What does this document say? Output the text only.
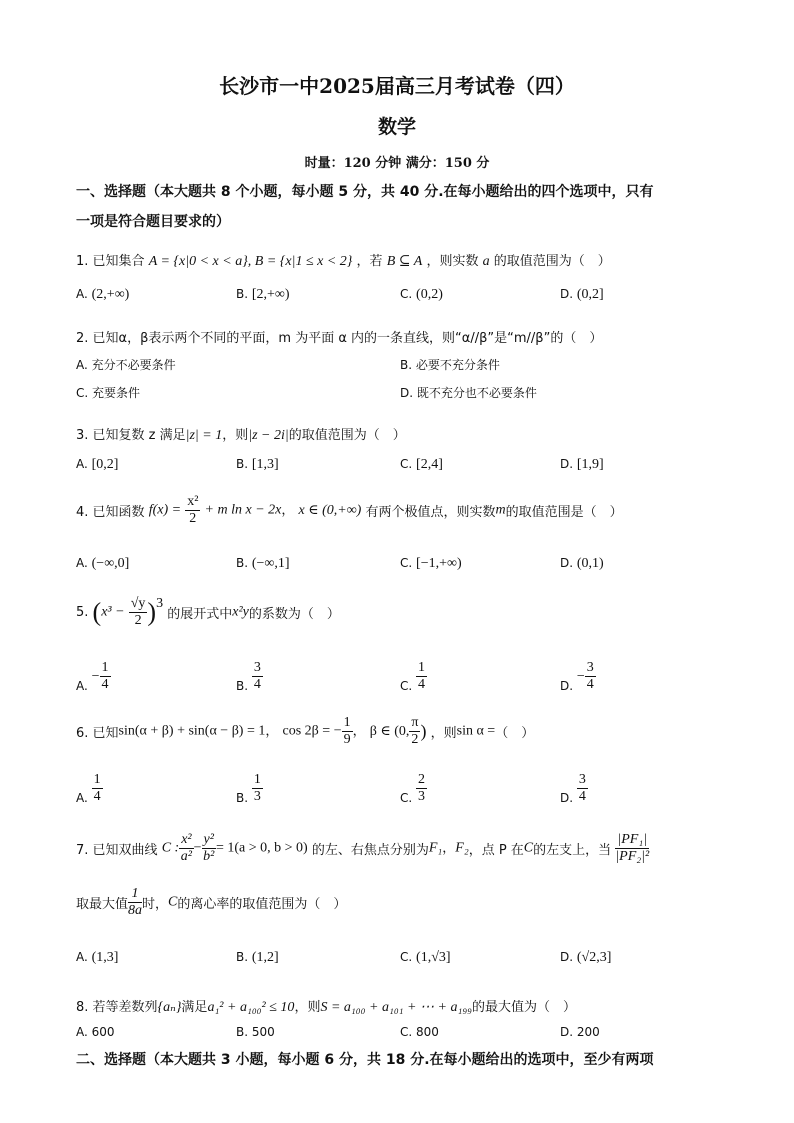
长沙市一中2025届高三月考试卷（四）
数学
时量：120 分钟 满分：150 分
一、选择题（本大题共 8 个小题，每小题 5 分，共 40 分.在每小题给出的四个选项中，只有
一项是符合题目要求的）
1. 已知集合 A = {x|0 < x < a}, B = {x|1 ≤ x < 2} ，若 B ⊆ A ，则实数 a 的取值范围为（　）
A. (2,+∞)	B. [2,+∞)	C. (0,2)	D. (0,2]
2. 已知α，β表示两个不同的平面，m 为平面 α 内的一条直线，则“α//β”是“m//β”的（　）
A. 充分不必要条件	B. 必要不充分条件
C. 充要条件	D. 既不充分也不必要条件
3. 已知复数 z 满足|z| = 1，则|z − 2i|的取值范围为（　）
A. [0,2]	B. [1,3]	C. [2,4]	D. [1,9]
4. 已知函数 $f(x) = \frac{\text{x²}}{2} + m$ ln x − 2x， x ∈ (0,+∞) 有两个极值点，则实数m的取值范围是（　）
A. (−∞,0]	B. (−∞,1]	C. [−1,+∞)	D. (0,1)
5. $(x^3 - \frac{√y}{2} )^3$ 的展开式中x²y的系数为（　）
A. − $\frac{1}{4}$	B. $\frac{3}{4}$	C. $\frac{1}{4}$	D. − $\frac{3}{4}$
6. 已知sin(α + β) + sin(α − β) = 1， cos 2β = − $\frac{1}{9}$ ， β ∈ (0, $\frac{\pi}{2}$ ) ，则sin α =（　）
A. $\frac{1}{4}$	B. $\frac{1}{3}$	C. $\frac{2}{3}$	D. $\frac{3}{4}$
7. 已知双曲线 C : $\frac{\text{x²}}{\text{a²}} - \frac{\text{y²}}{\text{b²}} = 1(a > 0$, b > 0) 的左、右焦点分别为F₁，F₂，点 P 在C的左支上，当 $\frac{\text{|PF₁|}}{\text{|PF₂|²}}$
取最大值 $\frac{1}{8a}$ 时，C的离心率的取值范围为（　）
A. (1,3]	B. (1,2]	C. (1,√3]	D. (√2,3]
8. 若等差数列{aₙ}满足a₁² + a₁₀₀² ≤ 10，则S = a₁₀₀ + a₁₀₁ + ⋯ + a₁₉₉的最大值为（　）
A. 600	B. 500	C. 800	D. 200
二、选择题（本大题共 3 小题，每小题 6 分，共 18 分.在每小题给出的选项中，至少有两项
